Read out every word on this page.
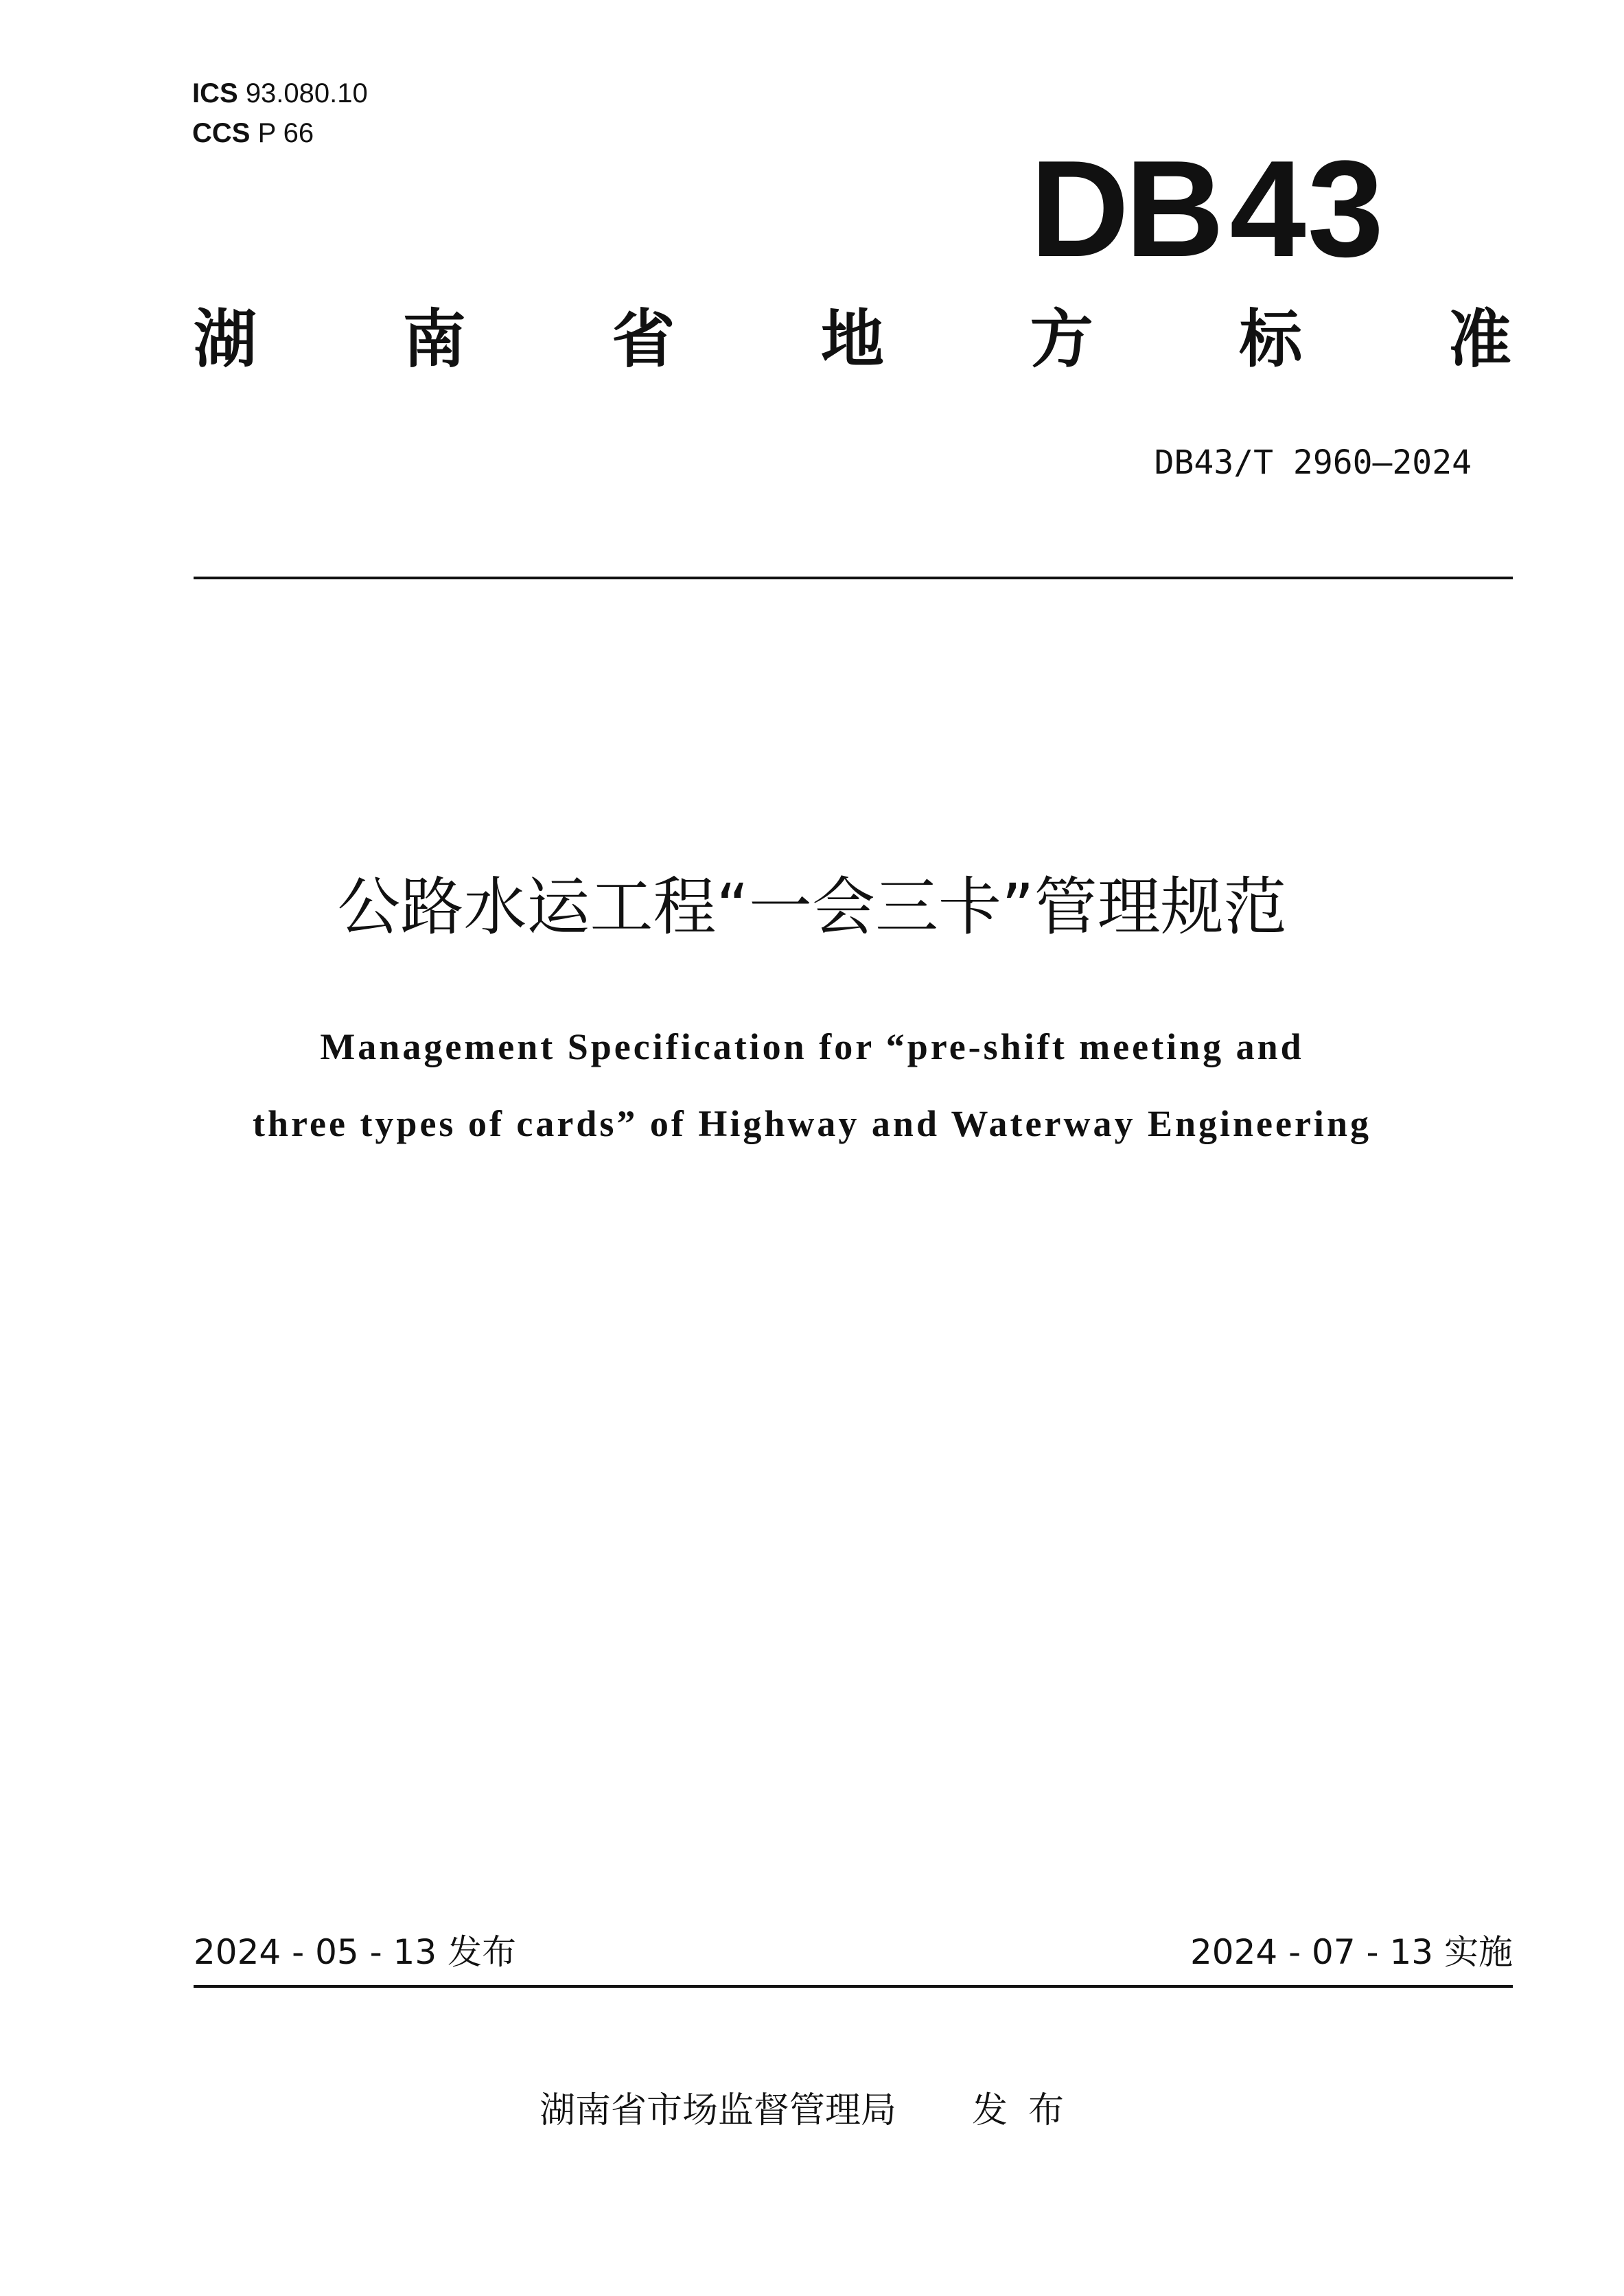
ICS 93.080.10
CCS P 66	DB43
湖 南 省 地 方 标 准
DB43/T 2960—2024
公路水运工程“一会三卡”管理规范
Management Specification for “pre-shift meeting and
three types of cards” of Highway and Waterway Engineering
2024 - 05 - 13 发布	2024 - 07 - 13 实施
湖南省市场监督管理局 发布
